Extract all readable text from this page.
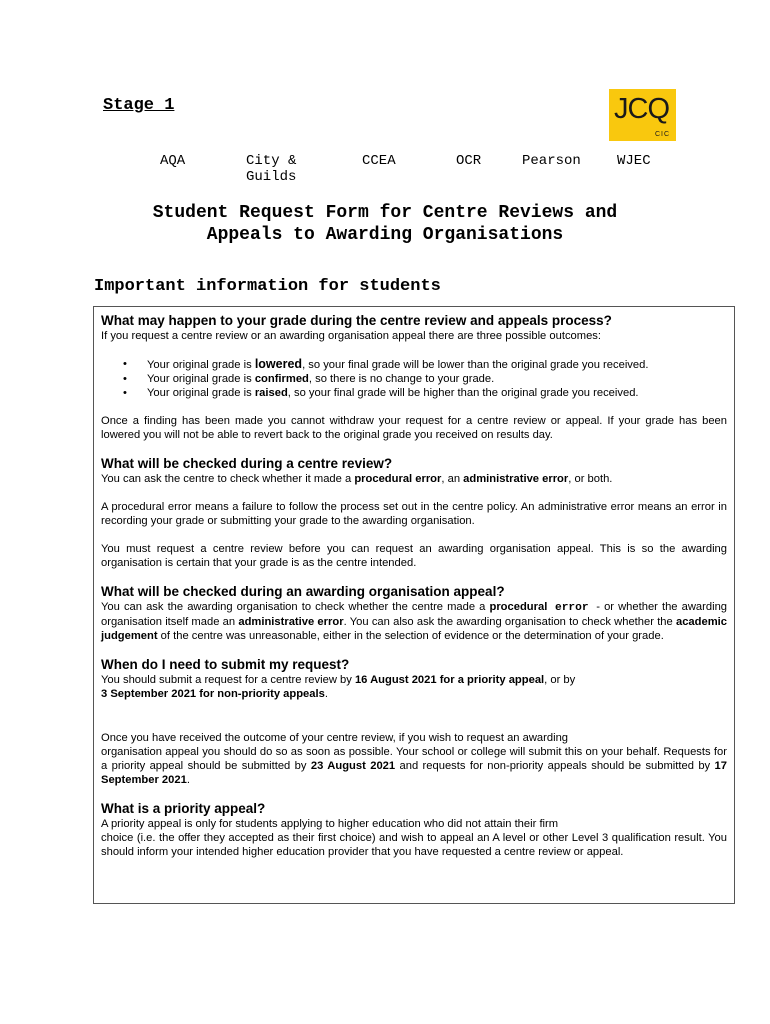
Stage 1	JCQ
CIC
AQA	City &
Guilds
CCEA	OCR	Pearson	WJEC
Student Request Form for Centre Reviews and
Appeals to Awarding Organisations
Important information for students
What may happen to your grade during the centre review and appeals process?

If you request a centre review or an awarding organisation appeal there are three possible outcomes:

• Your original grade is lowered, so your final grade will be lower than the original grade you received.
• Your original grade is confirmed, so there is no change to your grade.
• Your original grade is raised, so your final grade will be higher than the original grade you received.

Once a finding has been made you cannot withdraw your request for a centre review or appeal. If your grade has been lowered you will not be able to revert back to the original grade you received on results day.

What will be checked during a centre review?

You can ask the centre to check whether it made a procedural error, an administrative error, or both.

A procedural error means a failure to follow the process set out in the centre policy. An administrative error means an error in recording your grade or submitting your grade to the awarding organisation.

You must request a centre review before you can request an awarding organisation appeal. This is so the awarding organisation is certain that your grade is as the centre intended.

What will be checked during an awarding organisation appeal?

You can ask the awarding organisation to check whether the centre made a procedural error - or whether the awarding organisation itself made an administrative error. You can also ask the awarding organisation to check whether the academic judgement of the centre was unreasonable, either in the selection of evidence or the determination of your grade.

When do I need to submit my request?

You should submit a request for a centre review by 16 August 2021 for a priority appeal, or by
3 September 2021 for non-priority appeals.

Once you have received the outcome of your centre review, if you wish to request an awarding
organisation appeal you should do so as soon as possible. Your school or college will submit this on your behalf. Requests for a priority appeal should be submitted by 23 August 2021 and requests for non-priority appeals should be submitted by 17 September 2021.

What is a priority appeal?

A priority appeal is only for students applying to higher education who did not attain their firm
choice (i.e. the offer they accepted as their first choice) and wish to appeal an A level or other Level 3 qualification result. You should inform your intended higher education provider that you have requested a centre review or appeal.
